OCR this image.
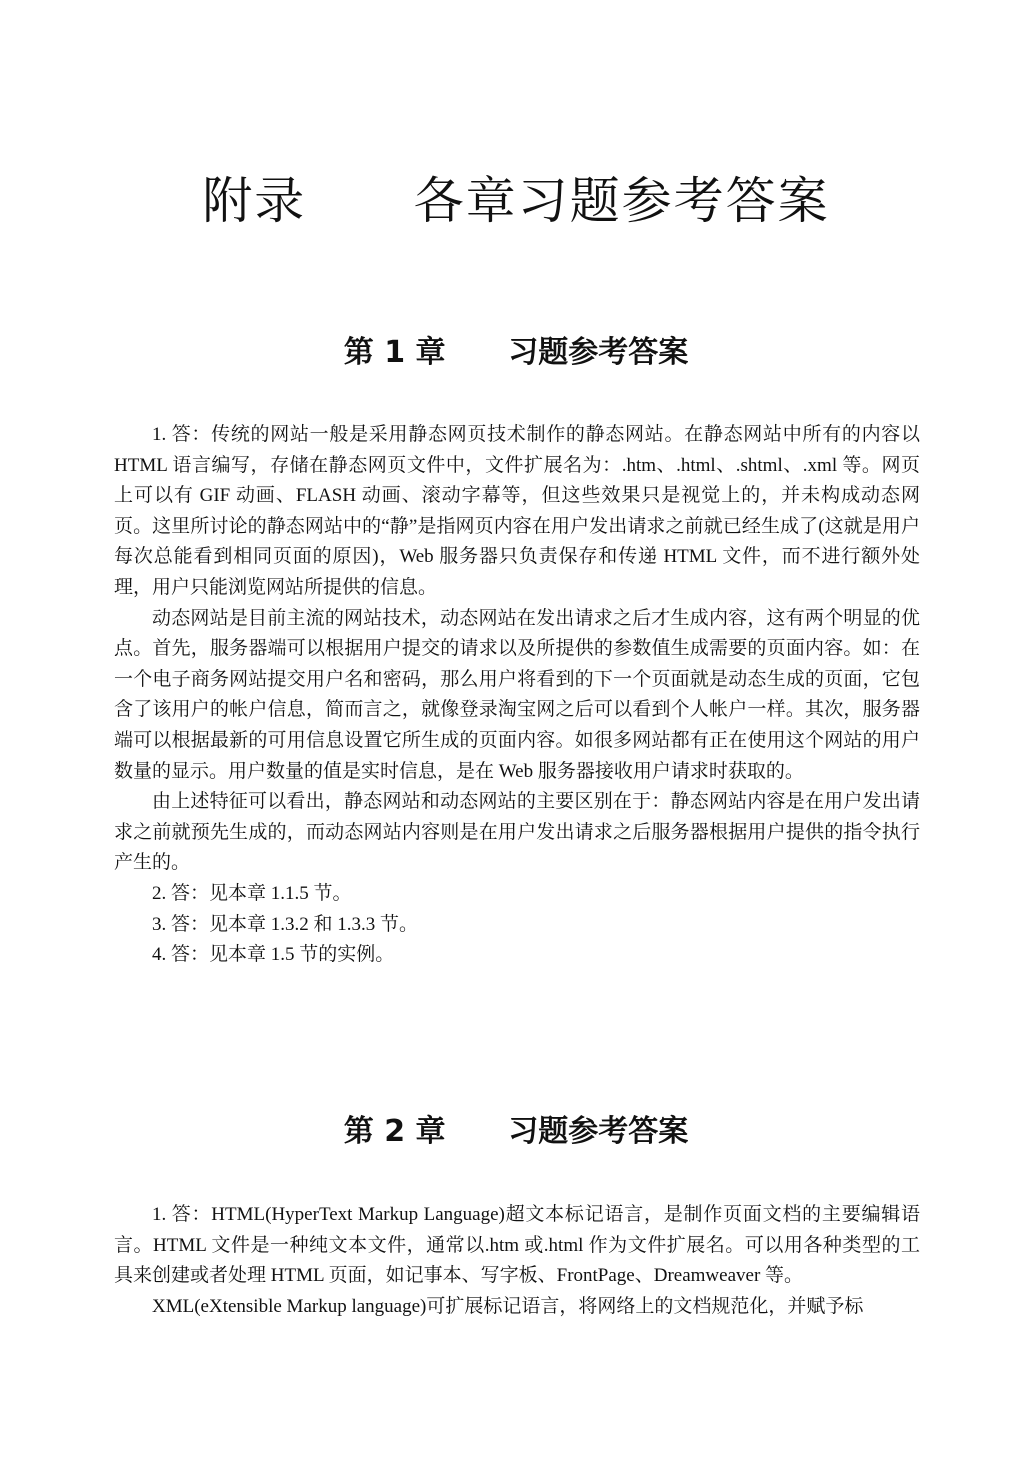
附录      各章习题参考答案
第 1 章      习题参考答案

1. 答：传统的网站一般是采用静态网页技术制作的静态网站。在静态网站中所有的内容以 HTML 语言编写，存储在静态网页文件中，文件扩展名为：.htm、.html、.shtml、.xml 等。网页上可以有 GIF 动画、FLASH 动画、滚动字幕等，但这些效果只是视觉上的，并未构成动态网页。这里所讨论的静态网站中的“静”是指网页内容在用户发出请求之前就已经生成了(这就是用户每次总能看到相同页面的原因)，Web 服务器只负责保存和传递 HTML 文件，而不进行额外处理，用户只能浏览网站所提供的信息。

动态网站是目前主流的网站技术，动态网站在发出请求之后才生成内容，这有两个明显的优点。首先，服务器端可以根据用户提交的请求以及所提供的参数值生成需要的页面内容。如：在一个电子商务网站提交用户名和密码，那么用户将看到的下一个页面就是动态生成的页面，它包含了该用户的帐户信息，简而言之，就像登录淘宝网之后可以看到个人帐户一样。其次，服务器端可以根据最新的可用信息设置它所生成的页面内容。如很多网站都有正在使用这个网站的用户数量的显示。用户数量的值是实时信息，是在 Web 服务器接收用户请求时获取的。

由上述特征可以看出，静态网站和动态网站的主要区别在于：静态网站内容是在用户发出请求之前就预先生成的，而动态网站内容则是在用户发出请求之后服务器根据用户提供的指令执行产生的。

2. 答：见本章 1.1.5 节。

3. 答：见本章 1.3.2 和 1.3.3 节。

4. 答：见本章 1.5 节的实例。

第 2 章      习题参考答案

1. 答：HTML(HyperText Markup Language)超文本标记语言，是制作页面文档的主要编辑语言。HTML 文件是一种纯文本文件，通常以.htm 或.html 作为文件扩展名。可以用各种类型的工具来创建或者处理 HTML 页面，如记事本、写字板、FrontPage、Dreamweaver 等。

XML(eXtensible Markup language)可扩展标记语言，将网络上的文档规范化，并赋予标
